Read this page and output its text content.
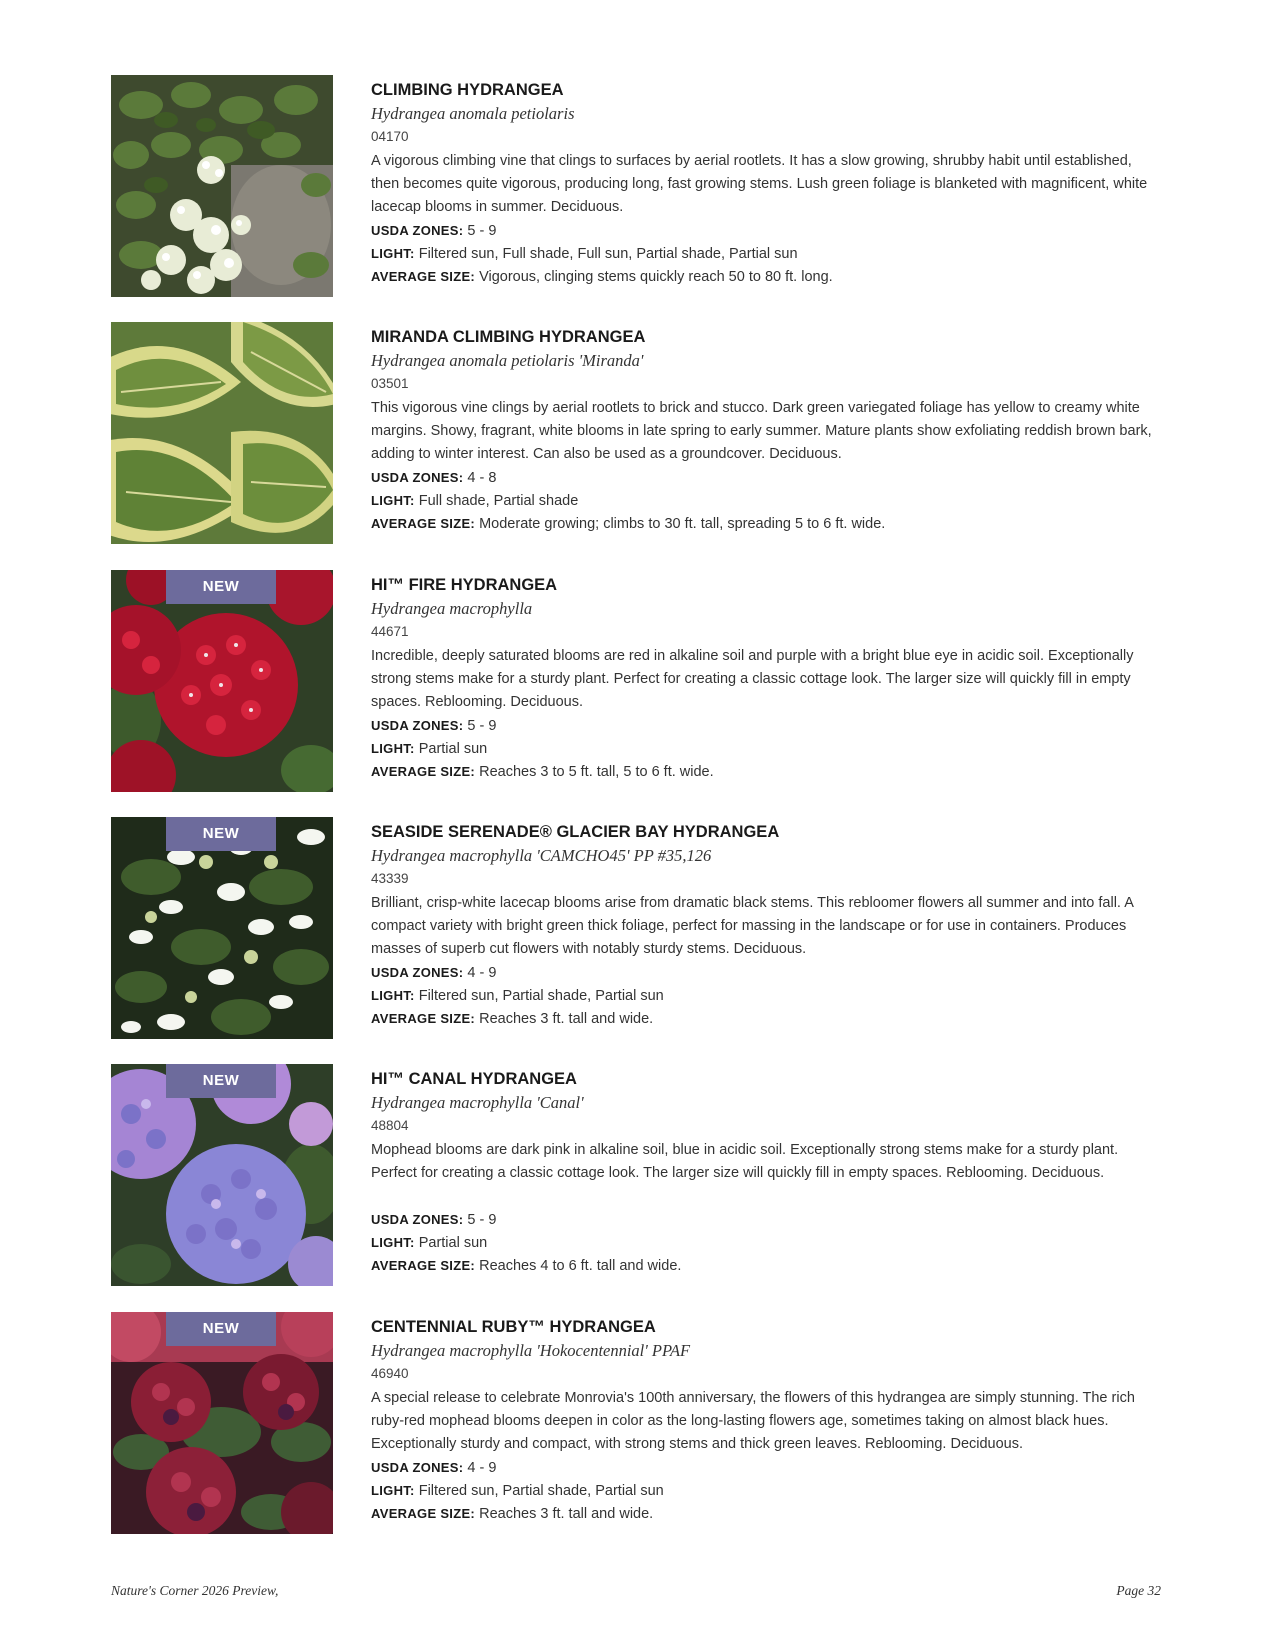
CLIMBING HYDRANGEA
Hydrangea anomala petiolaris
04170
A vigorous climbing vine that clings to surfaces by aerial rootlets. It has a slow growing, shrubby habit until established, then becomes quite vigorous, producing long, fast growing stems. Lush green foliage is blanketed with magnificent, white lacecap blooms in summer. Deciduous.
USDA ZONES: 5 - 9
LIGHT: Filtered sun, Full shade, Full sun, Partial shade, Partial sun
AVERAGE SIZE: Vigorous, clinging stems quickly reach 50 to 80 ft. long.
MIRANDA CLIMBING HYDRANGEA
Hydrangea anomala petiolaris 'Miranda'
03501
This vigorous vine clings by aerial rootlets to brick and stucco. Dark green variegated foliage has yellow to creamy white margins. Showy, fragrant, white blooms in late spring to early summer. Mature plants show exfoliating reddish brown bark, adding to winter interest. Can also be used as a groundcover. Deciduous.
USDA ZONES: 4 - 8
LIGHT: Full shade, Partial shade
AVERAGE SIZE: Moderate growing; climbs to 30 ft. tall, spreading 5 to 6 ft. wide.
NEW	HI™ FIRE HYDRANGEA
Hydrangea macrophylla
44671
Incredible, deeply saturated blooms are red in alkaline soil and purple with a bright blue eye in acidic soil. Exceptionally strong stems make for a sturdy plant. Perfect for creating a classic cottage look. The larger size will quickly fill in empty spaces. Reblooming. Deciduous.
USDA ZONES: 5 - 9
LIGHT: Partial sun
AVERAGE SIZE: Reaches 3 to 5 ft. tall, 5 to 6 ft. wide.
NEW	SEASIDE SERENADE® GLACIER BAY HYDRANGEA
Hydrangea macrophylla 'CAMCHO45' PP #35,126
43339
Brilliant, crisp-white lacecap blooms arise from dramatic black stems. This rebloomer flowers all summer and into fall. A compact variety with bright green thick foliage, perfect for massing in the landscape or for use in containers. Produces masses of superb cut flowers with notably sturdy stems. Deciduous.
USDA ZONES: 4 - 9
LIGHT: Filtered sun, Partial shade, Partial sun
AVERAGE SIZE: Reaches 3 ft. tall and wide.
NEW	HI™ CANAL HYDRANGEA
Hydrangea macrophylla 'Canal'
48804
Mophead blooms are dark pink in alkaline soil, blue in acidic soil. Exceptionally strong stems make for a sturdy plant. Perfect for creating a classic cottage look. The larger size will quickly fill in empty spaces. Reblooming. Deciduous.
USDA ZONES: 5 - 9
LIGHT: Partial sun
AVERAGE SIZE: Reaches 4 to 6 ft. tall and wide.
NEW	CENTENNIAL RUBY™ HYDRANGEA
Hydrangea macrophylla 'Hokocentennial' PPAF
46940
A special release to celebrate Monrovia's 100th anniversary, the flowers of this hydrangea are simply stunning. The rich ruby-red mophead blooms deepen in color as the long-lasting flowers age, sometimes taking on almost black hues. Exceptionally sturdy and compact, with strong stems and thick green leaves. Reblooming. Deciduous.
USDA ZONES: 4 - 9
LIGHT: Filtered sun, Partial shade, Partial sun
AVERAGE SIZE: Reaches 3 ft. tall and wide.
Nature's Corner 2026 Preview,	Page 32
